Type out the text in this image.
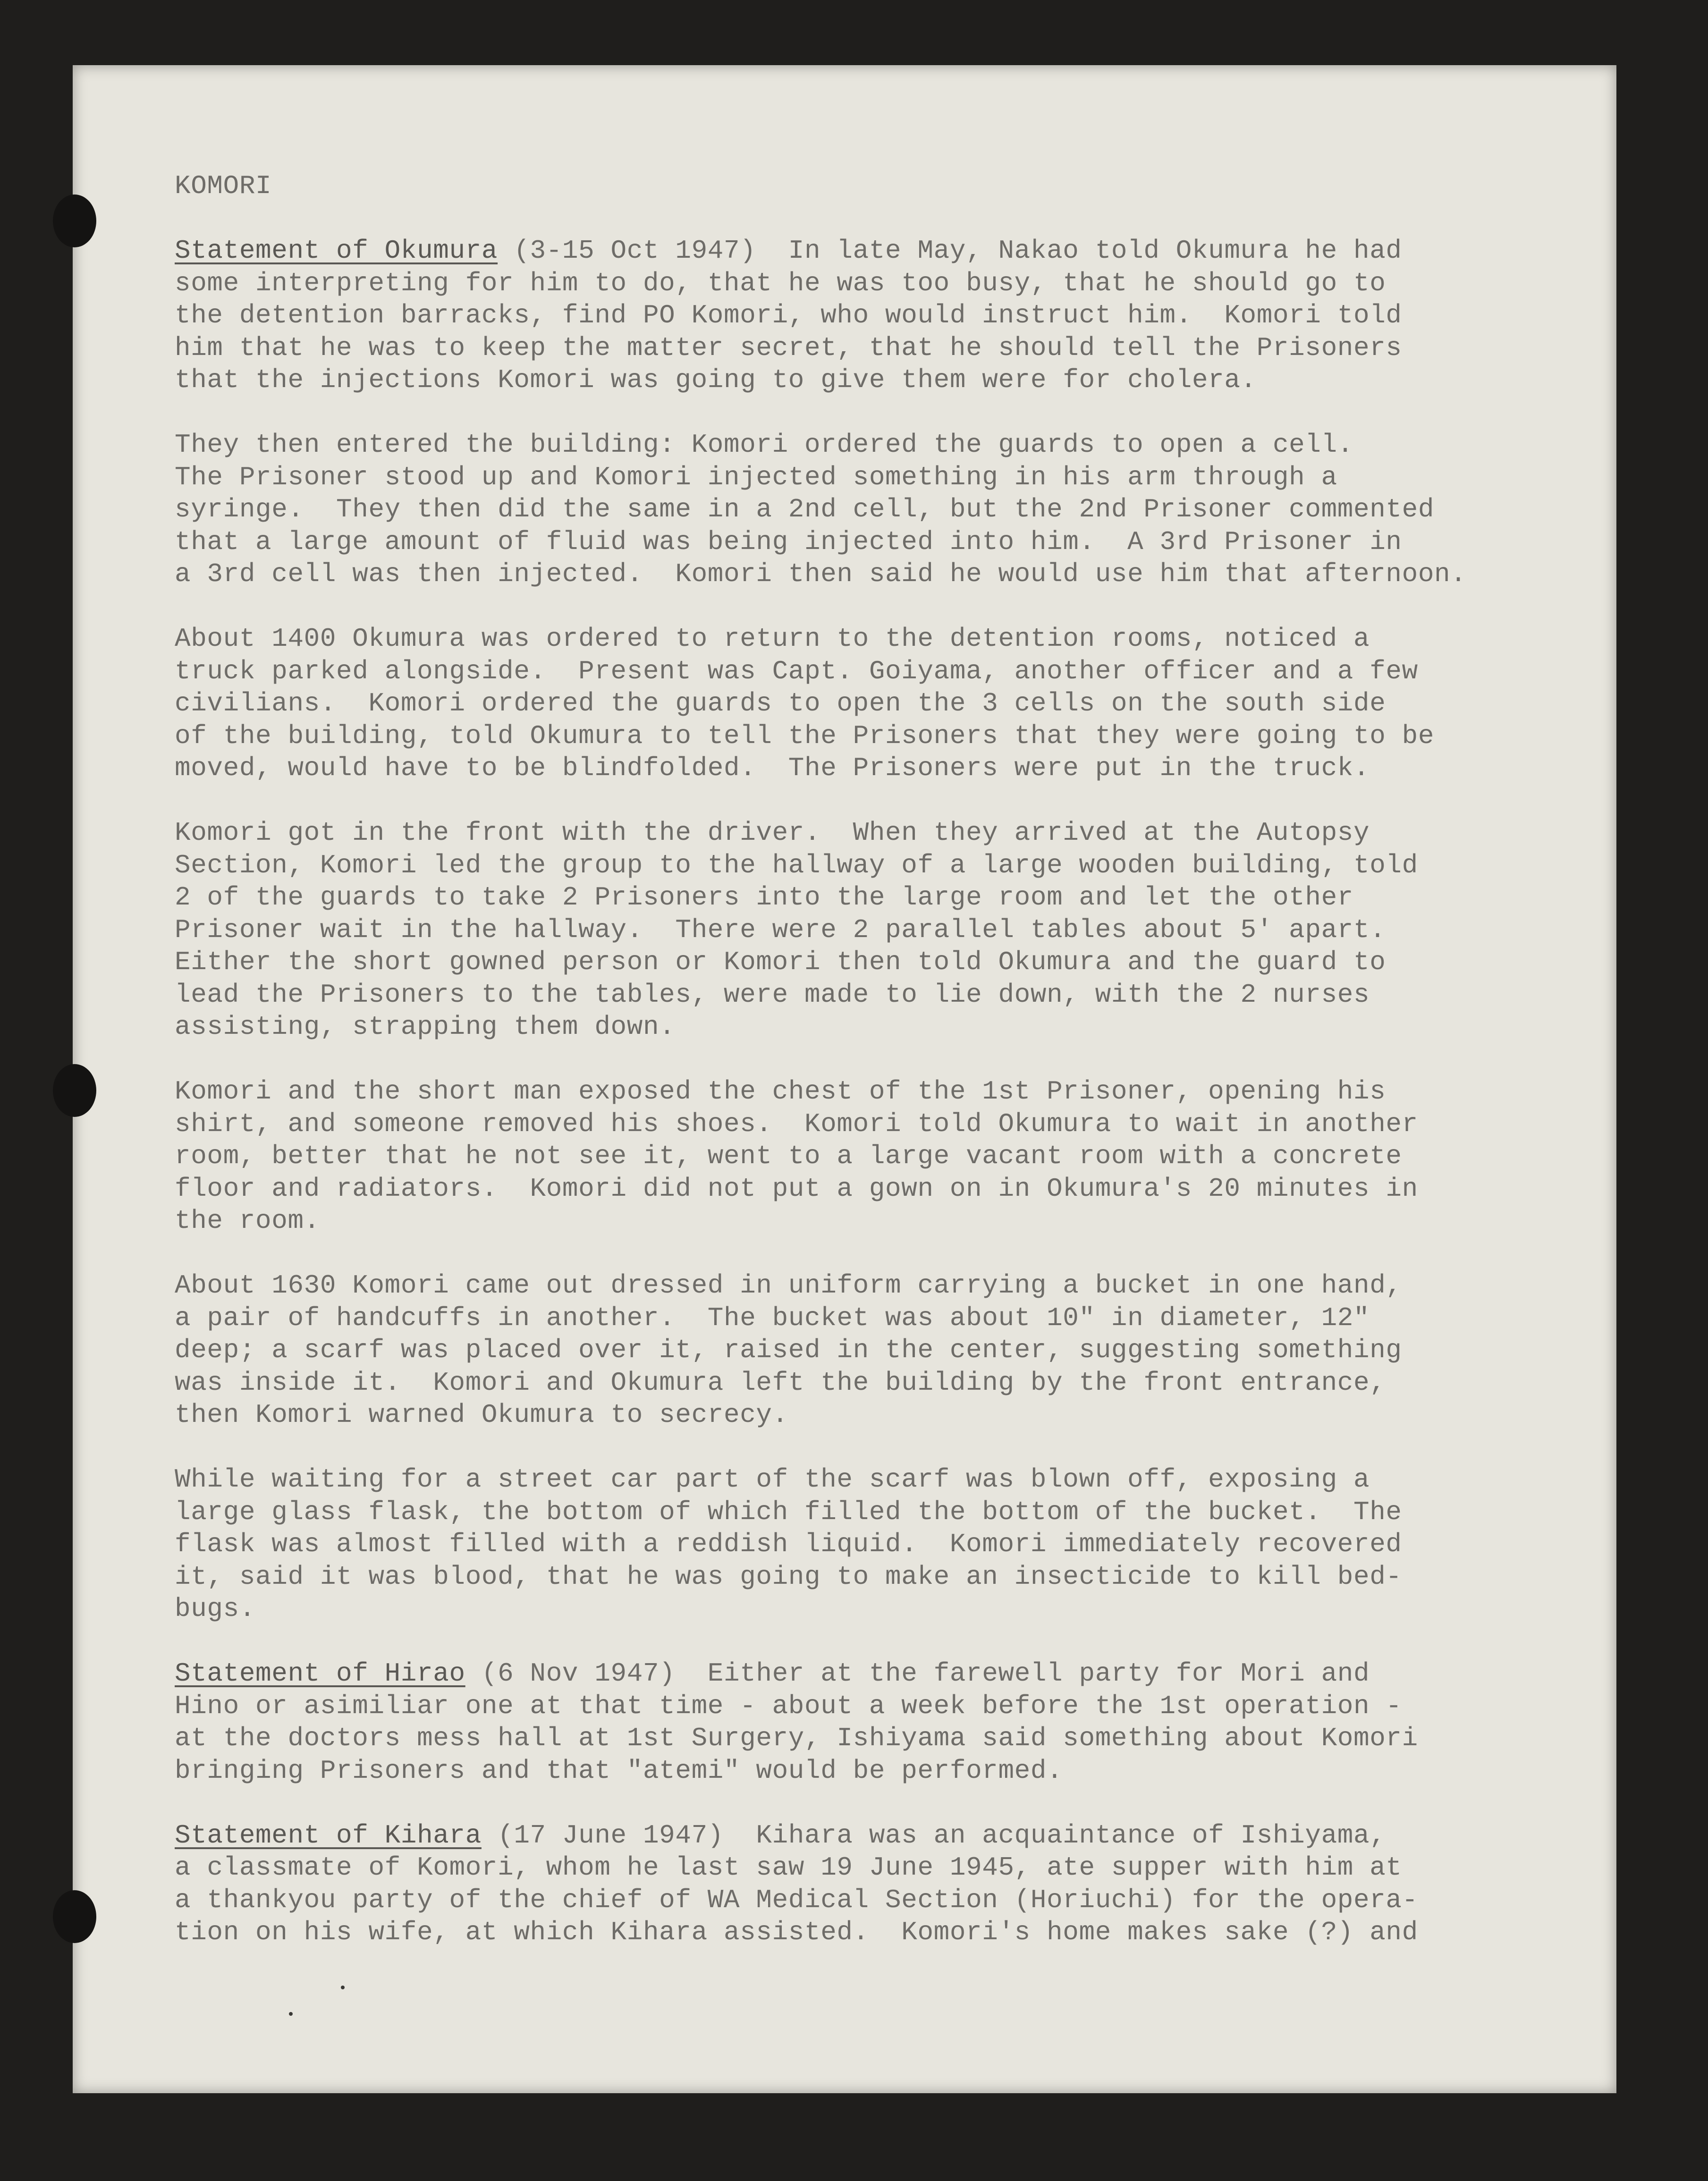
KOMORI
Statement of Okumura (3-15 Oct 1947)  In late May, Nakao told Okumura he had
some interpreting for him to do, that he was too busy, that he should go to
the detention barracks, find PO Komori, who would instruct him.  Komori told
him that he was to keep the matter secret, that he should tell the Prisoners
that the injections Komori was going to give them were for cholera.
They then entered the building: Komori ordered the guards to open a cell.
The Prisoner stood up and Komori injected something in his arm through a
syringe.  They then did the same in a 2nd cell, but the 2nd Prisoner commented
that a large amount of fluid was being injected into him.  A 3rd Prisoner in
a 3rd cell was then injected.  Komori then said he would use him that afternoon.
About 1400 Okumura was ordered to return to the detention rooms, noticed a
truck parked alongside.  Present was Capt. Goiyama, another officer and a few
civilians.  Komori ordered the guards to open the 3 cells on the south side
of the building, told Okumura to tell the Prisoners that they were going to be
moved, would have to be blindfolded.  The Prisoners were put in the truck.
Komori got in the front with the driver.  When they arrived at the Autopsy
Section, Komori led the group to the hallway of a large wooden building, told
2 of the guards to take 2 Prisoners into the large room and let the other
Prisoner wait in the hallway.  There were 2 parallel tables about 5' apart.
Either the short gowned person or Komori then told Okumura and the guard to
lead the Prisoners to the tables, were made to lie down, with the 2 nurses
assisting, strapping them down.
Komori and the short man exposed the chest of the 1st Prisoner, opening his
shirt, and someone removed his shoes.  Komori told Okumura to wait in another
room, better that he not see it, went to a large vacant room with a concrete
floor and radiators.  Komori did not put a gown on in Okumura's 20 minutes in
the room.
About 1630 Komori came out dressed in uniform carrying a bucket in one hand,
a pair of handcuffs in another.  The bucket was about 10" in diameter, 12"
deep; a scarf was placed over it, raised in the center, suggesting something
was inside it.  Komori and Okumura left the building by the front entrance,
then Komori warned Okumura to secrecy.
While waiting for a street car part of the scarf was blown off, exposing a
large glass flask, the bottom of which filled the bottom of the bucket.  The
flask was almost filled with a reddish liquid.  Komori immediately recovered
it, said it was blood, that he was going to make an insecticide to kill bed-
bugs.
Statement of Hirao (6 Nov 1947)  Either at the farewell party for Mori and
Hino or asimiliar one at that time - about a week before the 1st operation -
at the doctors mess hall at 1st Surgery, Ishiyama said something about Komori
bringing Prisoners and that "atemi" would be performed.
Statement of Kihara (17 June 1947)  Kihara was an acquaintance of Ishiyama,
a classmate of Komori, whom he last saw 19 June 1945, ate supper with him at
a thankyou party of the chief of WA Medical Section (Horiuchi) for the opera-
tion on his wife, at which Kihara assisted.  Komori's home makes sake (?) and
